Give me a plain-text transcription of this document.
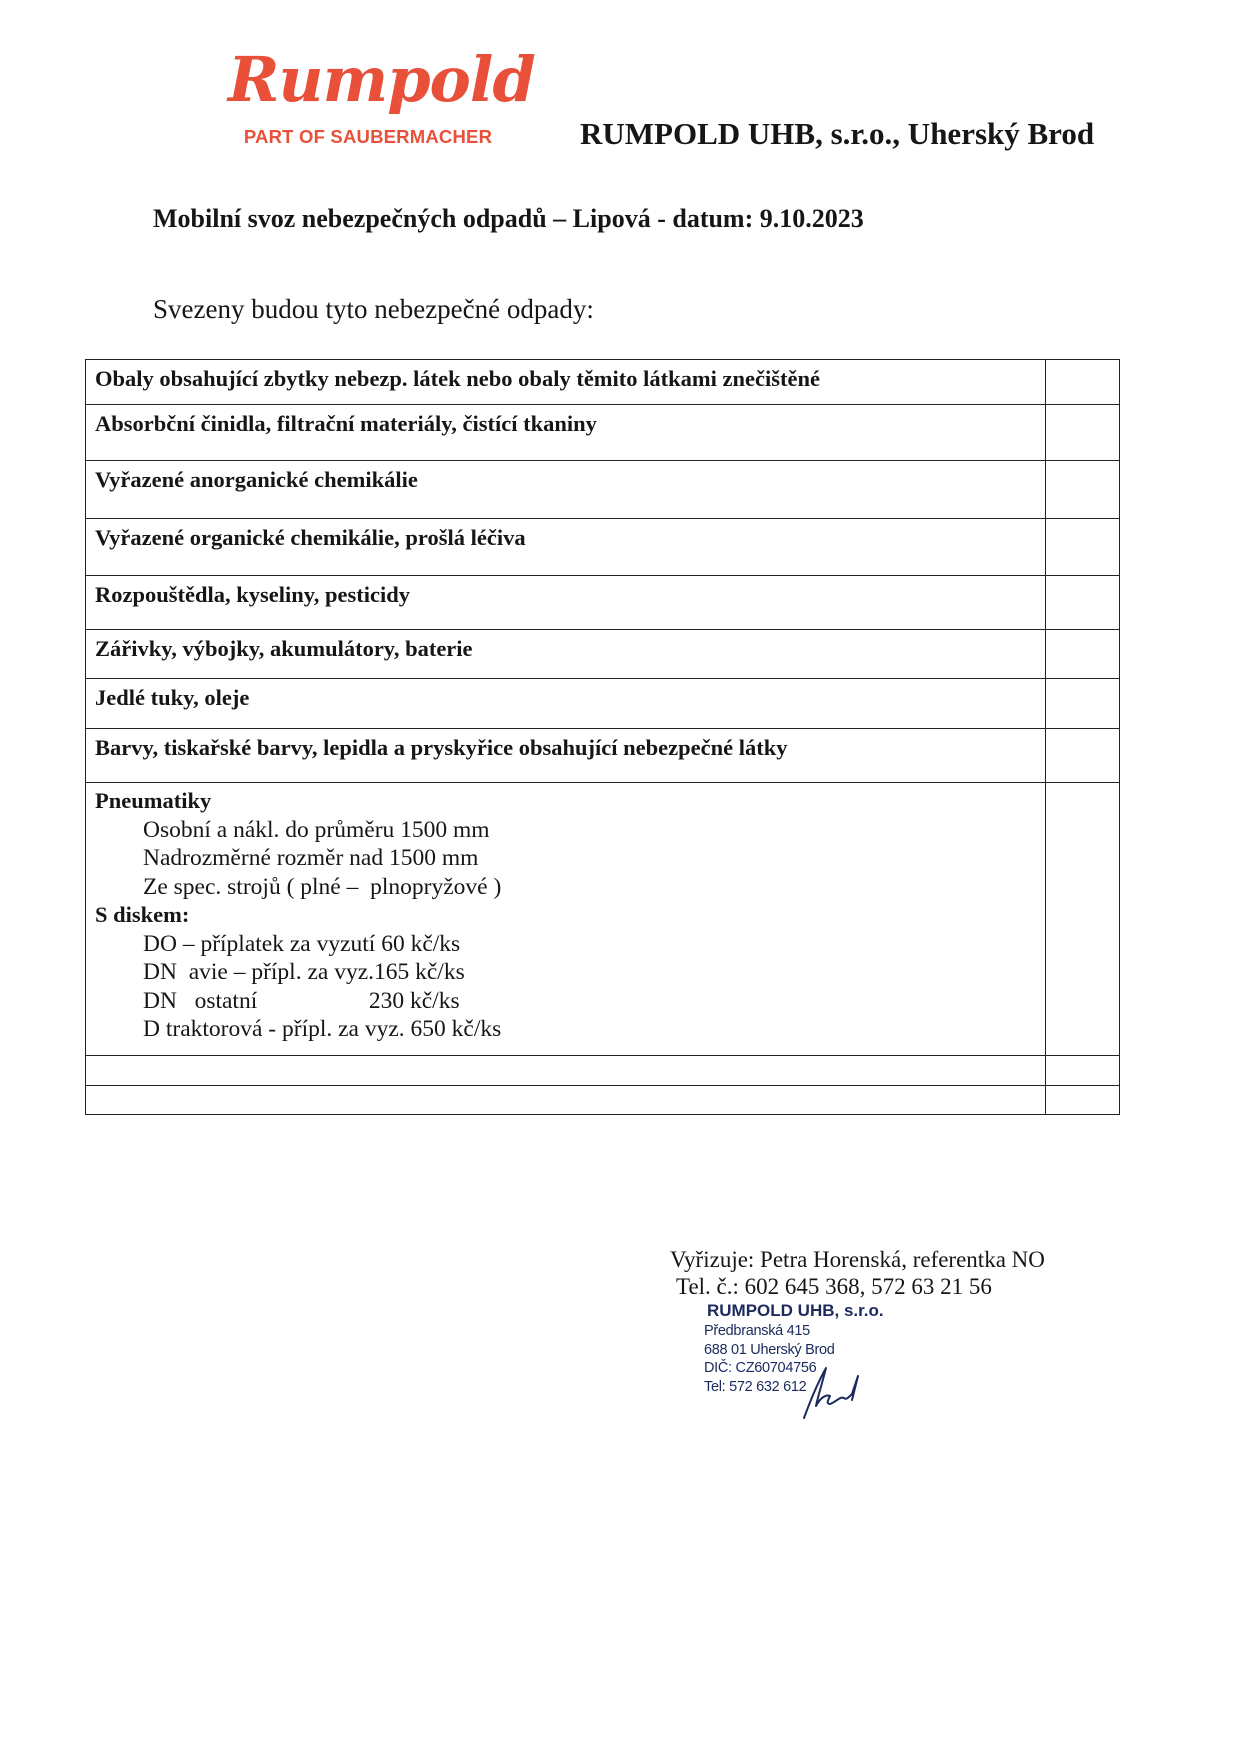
Rumpold
PART OF SAUBERMACHER	RUMPOLD UHB, s.r.o., Uherský Brod
Mobilní svoz nebezpečných odpadů – Lipová - datum: 9.10.2023
Svezeny budou tyto nebezpečné odpady:
Obaly obsahující zbytky nebezp. látek nebo obaly těmito látkami znečištěné
Absorbční činidla, filtrační materiály, čistící tkaniny
Vyřazené anorganické chemikálie
Vyřazené organické chemikálie, prošlá léčiva
Rozpouštědla, kyseliny, pesticidy
Zářivky, výbojky, akumulátory, baterie
Jedlé tuky, oleje
Barvy, tiskařské barvy, lepidla a pryskyřice obsahující nebezpečné látky
Pneumatiky
Osobní a nákl. do průměru 1500 mm
Nadrozměrné rozměr nad 1500 mm
Ze spec. strojů ( plné –  plnopryžové )
S diskem:
DO – příplatek za vyzutí 60 kč/ks
DN  avie – přípl. za vyz.165 kč/ks
DN   ostatní                   230 kč/ks
D traktorová - přípl. za vyz. 650 kč/ks
Vyřizuje: Petra Horenská, referentka NO
Tel. č.: 602 645 368, 572 63 21 56
RUMPOLD UHB, s.r.o.
Předbranská 415
688 01 Uherský Brod
DIČ: CZ60704756
Tel: 572 632 612
